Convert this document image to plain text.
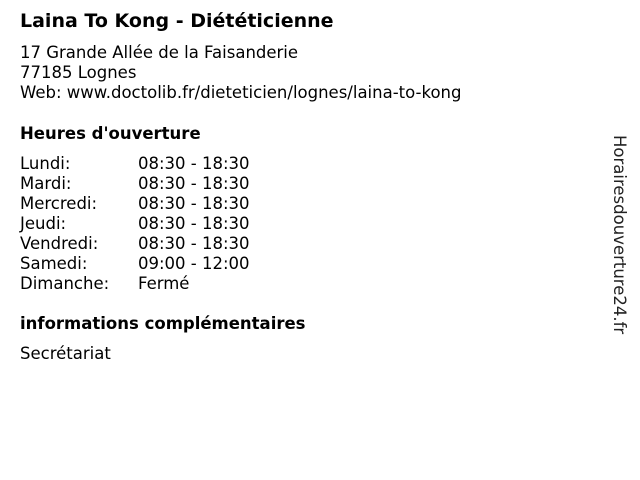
Laina To Kong - Diététicienne
17 Grande Allée de la Faisanderie
77185 Lognes
Web: www.doctolib.fr/dieteticien/lognes/laina-to-kong
Heures d'ouverture
Lundi:	08:30 - 18:30
Mardi:	08:30 - 18:30
Mercredi: 08:30 - 18:30
Jeudi:	08:30 - 18:30
Vendredi: 08:30 - 18:30
Samedi:	09:00 - 12:00
Dimanche: Fermé
informations complémentaires
Secrétariat
Horairesdouverture24.fr
